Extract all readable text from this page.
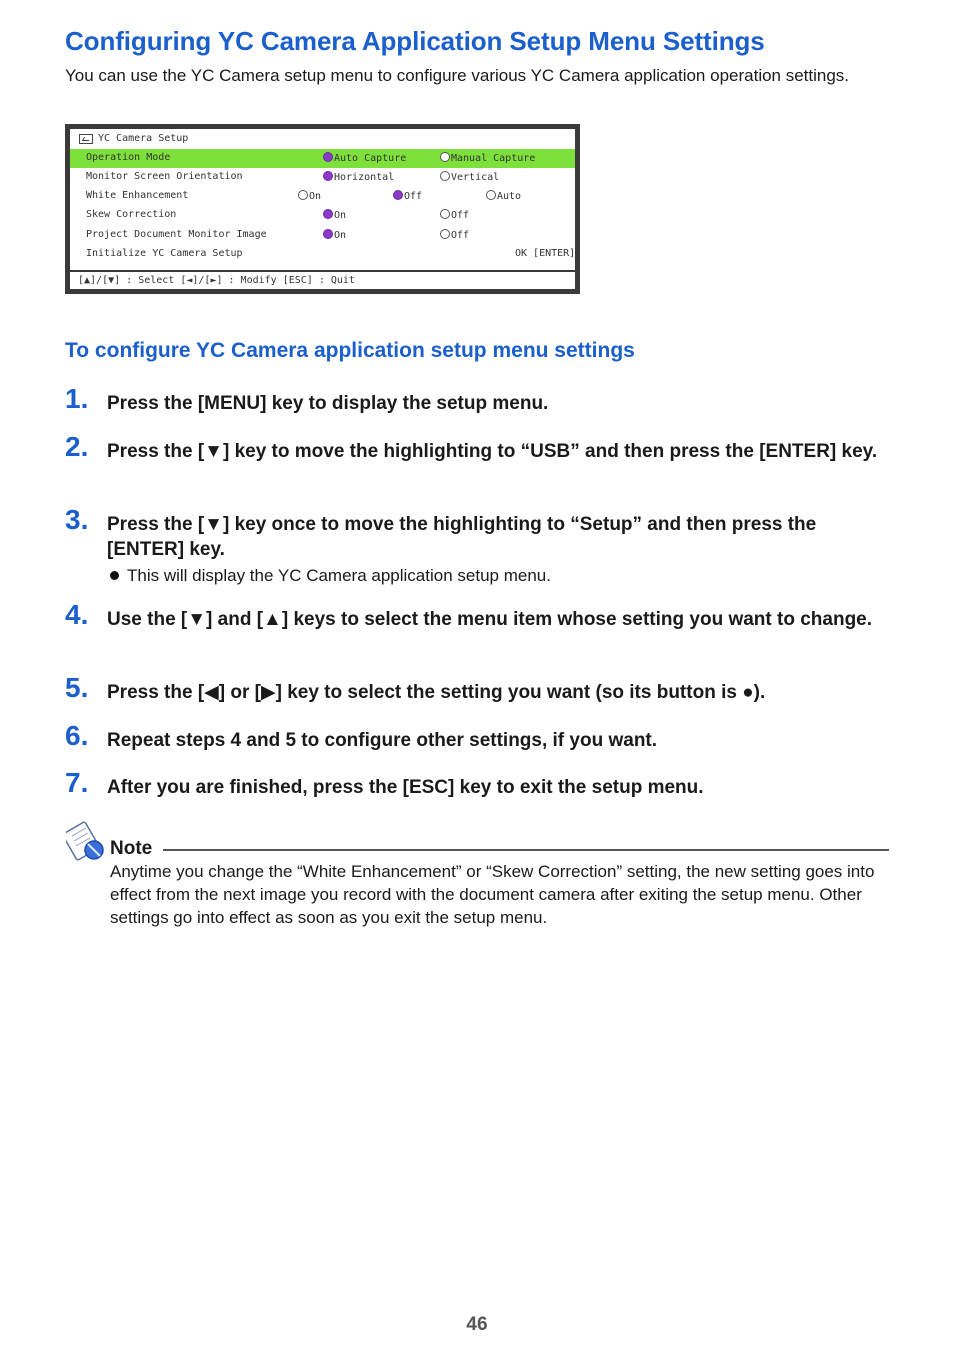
Configuring YC Camera Application Setup Menu Settings

You can use the YC Camera setup menu to configure various YC Camera application operation settings.

YC Camera Setup
Operation Mode	Auto Capture	Manual Capture
Monitor Screen Orientation	Horizontal	Vertical
White Enhancement	On	Off	Auto
Skew Correction	On	Off
Project Document Monitor Image	On	Off
Initialize YC Camera Setup	OK [ENTER]
[▲]/[▼] : Select [◄]/[►] : Modify [ESC] : Quit
To configure YC Camera application setup menu settings
1. Press the [MENU] key to display the setup menu.

2. Press the [▼] key to move the highlighting to “USB” and then press the [ENTER] key.

3. Press the [▼] key once to move the highlighting to “Setup” and then press the [ENTER] key.

This will display the YC Camera application setup menu.

4. Use the [▼] and [▲] keys to select the menu item whose setting you want to change.

5. Press the [◀] or [▶] key to select the setting you want (so its button is ●).

6. Repeat steps 4 and 5 to configure other settings, if you want.

7. After you are finished, press the [ESC] key to exit the setup menu.

Note

Anytime you change the “White Enhancement” or “Skew Correction” setting, the new setting goes into effect from the next image you record with the document camera after exiting the setup menu. Other settings go into effect as soon as you exit the setup menu.

46
